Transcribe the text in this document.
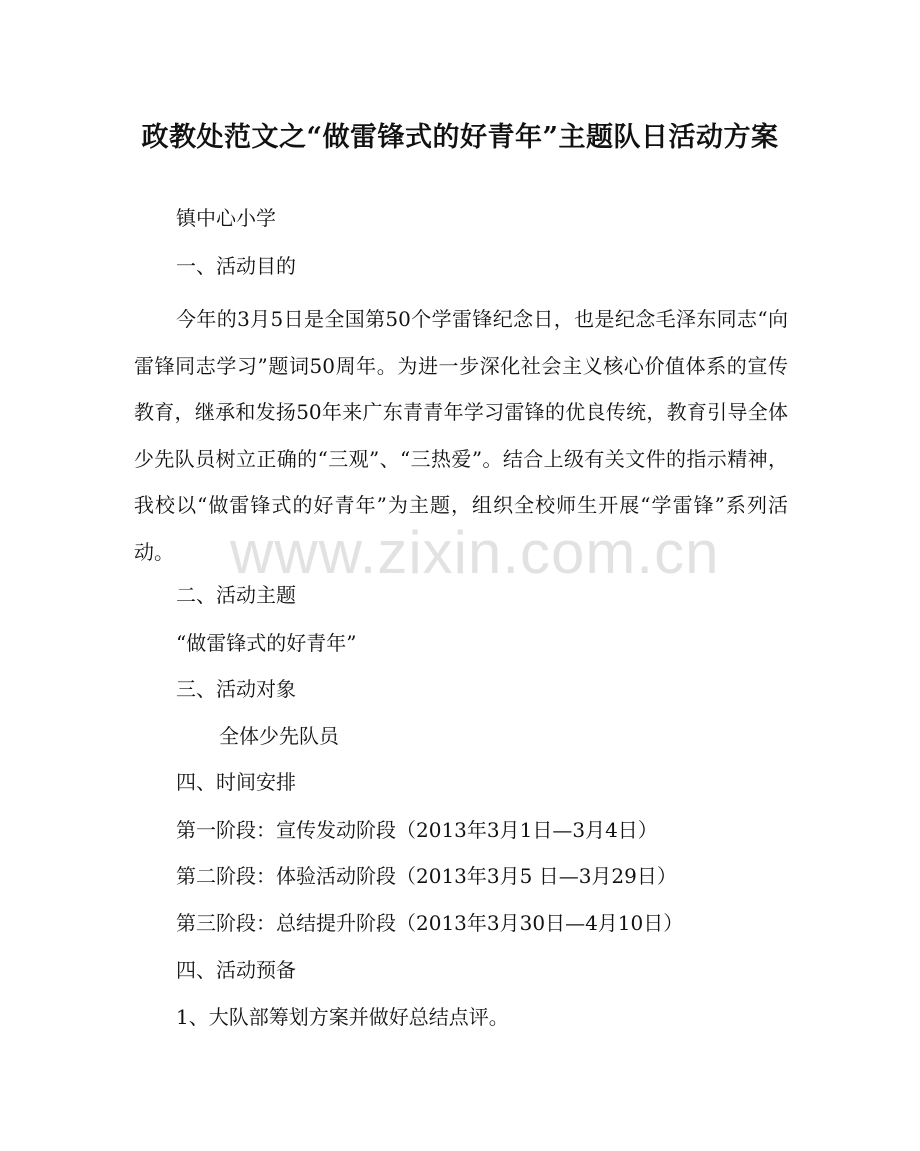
政教处范文之“做雷锋式的好青年”主题队日活动方案

镇中心小学

一、活动目的

今年的3月5日是全国第50个学雷锋纪念日，也是纪念毛泽东同志“向雷锋同志学习”题词50周年。为进一步深化社会主义核心价值体系的宣传教育，继承和发扬50年来广东青青年学习雷锋的优良传统，教育引导全体少先队员树立正确的“三观”、“三热爱”。结合上级有关文件的指示精神，我校以“做雷锋式的好青年”为主题，组织全校师生开展“学雷锋”系列活动。

二、活动主题

“做雷锋式的好青年”

三、活动对象

全体少先队员

四、时间安排

第一阶段：宣传发动阶段（2013年3月1日—3月4日）

第二阶段：体验活动阶段（2013年3月5 日—3月29日）

第三阶段：总结提升阶段（2013年3月30日—4月10日）

四、活动预备

1、大队部筹划方案并做好总结点评。

www.zixin.com.cn
